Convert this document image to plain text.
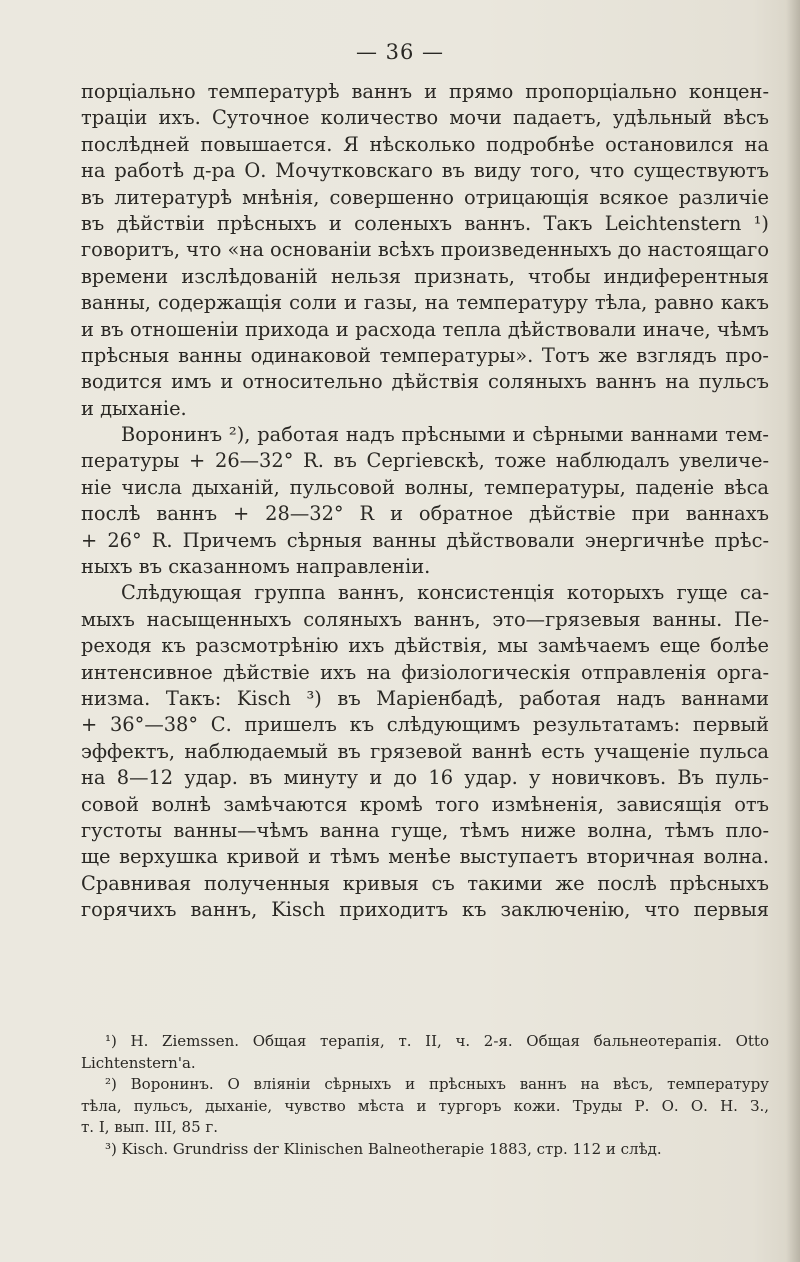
— 36 —
порціально температурѣ ваннъ и прямо пропорціально концен-
траціи ихъ. Суточное количество мочи падаетъ, удѣльный вѣсъ
послѣдней повышается. Я нѣсколько подробнѣе остановился на
на работѣ д-ра О. Мочутковскаго въ виду того, что существуютъ
въ литературѣ мнѣнія, совершенно отрицающія всякое различіе
въ дѣйствіи прѣсныхъ и соленыхъ ваннъ. Такъ Leichtenstern ¹)
говоритъ, что «на основаніи всѣхъ произведенныхъ до настоящаго
времени изслѣдованій нельзя признать, чтобы индиферентныя
ванны, содержащія соли и газы, на температуру тѣла, равно какъ
и въ отношеніи прихода и расхода тепла дѣйствовали иначе, чѣмъ
прѣсныя ванны одинаковой температуры». Тотъ же взглядъ про-
водится имъ и относительно дѣйствія соляныхъ ваннъ на пульсъ
и дыханіе.
Воронинъ ²), работая надъ прѣсными и сѣрными ваннами тем-
пературы + 26—32° R. въ Сергіевскѣ, тоже наблюдалъ увеличе-
ніе числа дыханій, пульсовой волны, температуры, паденіе вѣса
послѣ ваннъ + 28—32° R и обратное дѣйствіе при ваннахъ
+ 26° R. Причемъ сѣрныя ванны дѣйствовали энергичнѣе прѣс-
ныхъ въ сказанномъ направленіи.
Слѣдующая группа ваннъ, консистенція которыхъ гуще са-
мыхъ насыщенныхъ соляныхъ ваннъ, это—грязевыя ванны. Пе-
реходя къ разсмотрѣнію ихъ дѣйствія, мы замѣчаемъ еще болѣе
интенсивное дѣйствіе ихъ на физіологическія отправленія орга-
низма. Такъ: Kisch ³) въ Маріенбадѣ, работая надъ ваннами
+ 36°—38° С. пришелъ къ слѣдующимъ результатамъ: первый
эффектъ, наблюдаемый въ грязевой ваннѣ есть учащеніе пульса
на 8—12 удар. въ минуту и до 16 удар. у новичковъ. Въ пуль-
совой волнѣ замѣчаются кромѣ того измѣненія, зависящія отъ
густоты ванны—чѣмъ ванна гуще, тѣмъ ниже волна, тѣмъ пло-
ще верхушка кривой и тѣмъ менѣе выступаетъ вторичная волна.
Сравнивая полученныя кривыя съ такими же послѣ прѣсныхъ
горячихъ ваннъ, Kisch приходитъ къ заключенію, что первыя
¹) H. Ziemssen. Общая терапія, т. II, ч. 2-я. Общая бальнеотерапія. Otto
Lichtenstern'a.
²) Воронинъ. О вліяніи сѣрныхъ и прѣсныхъ ваннъ на вѣсъ, температуру
тѣла, пульсъ, дыханіе, чувство мѣста и тургоръ кожи. Труды Р. О. О. Н. З.,
т. I, вып. III, 85 г.
³) Kisch. Grundriss der Klinischen Balneotherapie 1883, стр. 112 и слѣд.
